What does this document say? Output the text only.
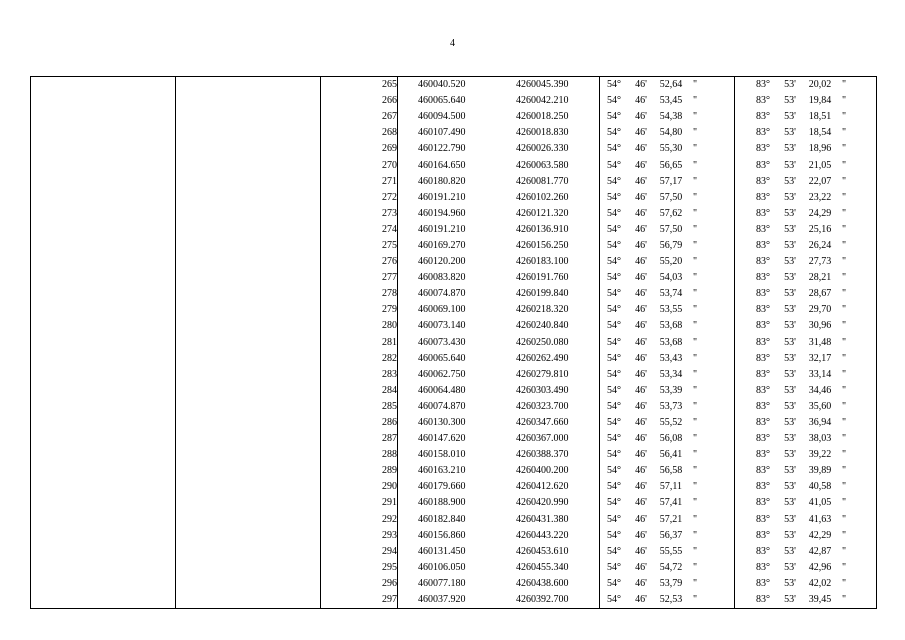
4
		265	460040.520	4260045.390	54° 46' 52,64 "	83° 53' 20,02 "

		266	460065.640	4260042.210	54° 46' 53,45 "	83° 53' 19,84 "

		267	460094.500	4260018.250	54° 46' 54,38 "	83° 53' 18,51 "

		268	460107.490	4260018.830	54° 46' 54,80 "	83° 53' 18,54 "

		269	460122.790	4260026.330	54° 46' 55,30 "	83° 53' 18,96 "

		270	460164.650	4260063.580	54° 46' 56,65 "	83° 53' 21,05 "

		271	460180.820	4260081.770	54° 46' 57,17 "	83° 53' 22,07 "

		272	460191.210	4260102.260	54° 46' 57,50 "	83° 53' 23,22 "

		273	460194.960	4260121.320	54° 46' 57,62 "	83° 53' 24,29 "

		274	460191.210	4260136.910	54° 46' 57,50 "	83° 53' 25,16 "

		275	460169.270	4260156.250	54° 46' 56,79 "	83° 53' 26,24 "

		276	460120.200	4260183.100	54° 46' 55,20 "	83° 53' 27,73 "

		277	460083.820	4260191.760	54° 46' 54,03 "	83° 53' 28,21 "

		278	460074.870	4260199.840	54° 46' 53,74 "	83° 53' 28,67 "

		279	460069.100	4260218.320	54° 46' 53,55 "	83° 53' 29,70 "

		280	460073.140	4260240.840	54° 46' 53,68 "	83° 53' 30,96 "

		281	460073.430	4260250.080	54° 46' 53,68 "	83° 53' 31,48 "

		282	460065.640	4260262.490	54° 46' 53,43 "	83° 53' 32,17 "

		283	460062.750	4260279.810	54° 46' 53,34 "	83° 53' 33,14 "

		284	460064.480	4260303.490	54° 46' 53,39 "	83° 53' 34,46 "

		285	460074.870	4260323.700	54° 46' 53,73 "	83° 53' 35,60 "

		286	460130.300	4260347.660	54° 46' 55,52 "	83° 53' 36,94 "

		287	460147.620	4260367.000	54° 46' 56,08 "	83° 53' 38,03 "

		288	460158.010	4260388.370	54° 46' 56,41 "	83° 53' 39,22 "

		289	460163.210	4260400.200	54° 46' 56,58 "	83° 53' 39,89 "

		290	460179.660	4260412.620	54° 46' 57,11 "	83° 53' 40,58 "

		291	460188.900	4260420.990	54° 46' 57,41 "	83° 53' 41,05 "

		292	460182.840	4260431.380	54° 46' 57,21 "	83° 53' 41,63 "

		293	460156.860	4260443.220	54° 46' 56,37 "	83° 53' 42,29 "

		294	460131.450	4260453.610	54° 46' 55,55 "	83° 53' 42,87 "

		295	460106.050	4260455.340	54° 46' 54,72 "	83° 53' 42,96 "

		296	460077.180	4260438.600	54° 46' 53,79 "	83° 53' 42,02 "

		297	460037.920	4260392.700	54° 46' 52,53 "	83° 53' 39,45 "
